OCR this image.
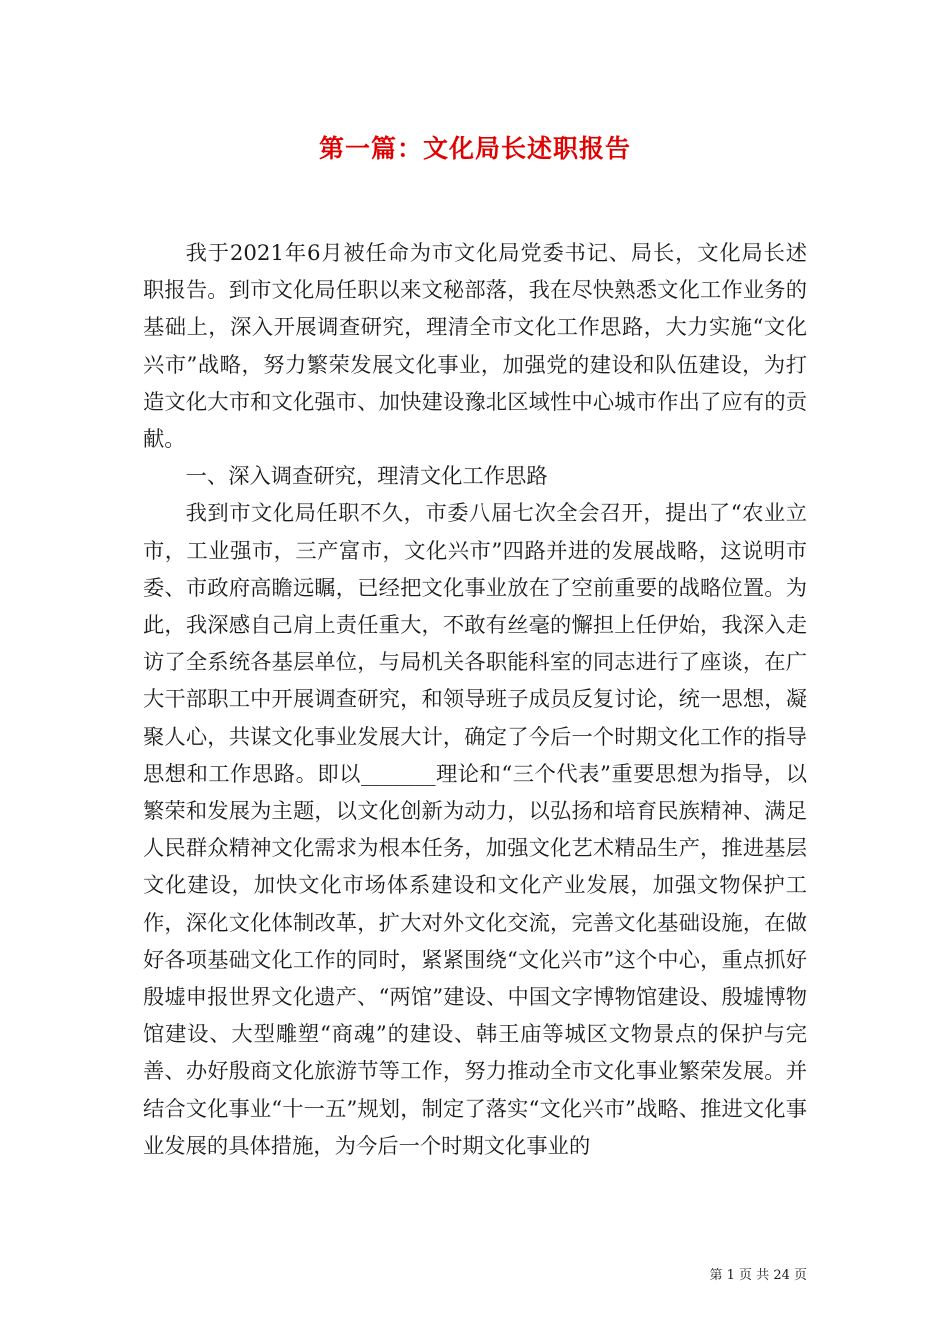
第一篇：文化局长述职报告

我于2021年6月被任命为市文化局党委书记、局长，文化局长述职报告。到市文化局任职以来文秘部落，我在尽快熟悉文化工作业务的基础上，深入开展调查研究，理清全市文化工作思路，大力实施“文化兴市”战略，努力繁荣发展文化事业，加强党的建设和队伍建设，为打造文化大市和文化强市、加快建设豫北区域性中心城市作出了应有的贡献。

一、深入调查研究，理清文化工作思路

我到市文化局任职不久，市委八届七次全会召开，提出了“农业立市，工业强市，三产富市，文化兴市”四路并进的发展战略，这说明市委、市政府高瞻远瞩，已经把文化事业放在了空前重要的战略位置。为此，我深感自己肩上责任重大，不敢有丝毫的懈担上任伊始，我深入走访了全系统各基层单位，与局机关各职能科室的同志进行了座谈，在广大干部职工中开展调查研究，和领导班子成员反复讨论，统一思想，凝聚人心，共谋文化事业发展大计，确定了今后一个时期文化工作的指导思想和工作思路。即以_______理论和“三个代表”重要思想为指导，以繁荣和发展为主题，以文化创新为动力，以弘扬和培育民族精神、满足人民群众精神文化需求为根本任务，加强文化艺术精品生产，推进基层文化建设，加快文化市场体系建设和文化产业发展，加强文物保护工作，深化文化体制改革，扩大对外文化交流，完善文化基础设施，在做好各项基础文化工作的同时，紧紧围绕“文化兴市”这个中心，重点抓好殷墟申报世界文化遗产、“两馆”建设、中国文字博物馆建设、殷墟博物馆建设、大型雕塑“商魂”的建设、韩王庙等城区文物景点的保护与完善、办好殷商文化旅游节等工作，努力推动全市文化事业繁荣发展。并结合文化事业“十一五”规划，制定了落实“文化兴市”战略、推进文化事业发展的具体措施，为今后一个时期文化事业的

第 1 页 共 24 页
